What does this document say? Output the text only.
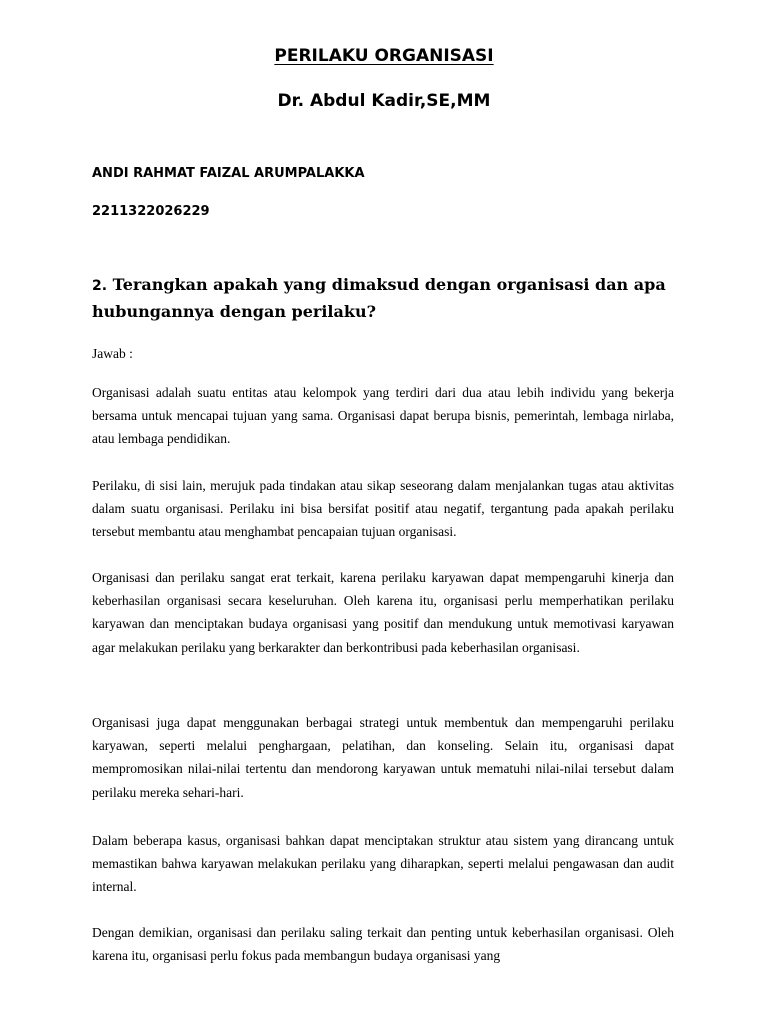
PERILAKU ORGANISASI
Dr. Abdul Kadir,SE,MM

ANDI RAHMAT FAIZAL ARUMPALAKKA

2211322026229

2. Terangkan apakah yang dimaksud dengan organisasi dan apa hubungannya dengan perilaku?

Jawab :

Organisasi adalah suatu entitas atau kelompok yang terdiri dari dua atau lebih individu yang bekerja bersama untuk mencapai tujuan yang sama. Organisasi dapat berupa bisnis, pemerintah, lembaga nirlaba, atau lembaga pendidikan.

Perilaku, di sisi lain, merujuk pada tindakan atau sikap seseorang dalam menjalankan tugas atau aktivitas dalam suatu organisasi. Perilaku ini bisa bersifat positif atau negatif, tergantung pada apakah perilaku tersebut membantu atau menghambat pencapaian tujuan organisasi.

Organisasi dan perilaku sangat erat terkait, karena perilaku karyawan dapat mempengaruhi kinerja dan keberhasilan organisasi secara keseluruhan. Oleh karena itu, organisasi perlu memperhatikan perilaku karyawan dan menciptakan budaya organisasi yang positif dan mendukung untuk memotivasi karyawan agar melakukan perilaku yang berkarakter dan berkontribusi pada keberhasilan organisasi.

Organisasi juga dapat menggunakan berbagai strategi untuk membentuk dan mempengaruhi perilaku karyawan, seperti melalui penghargaan, pelatihan, dan konseling. Selain itu, organisasi dapat mempromosikan nilai-nilai tertentu dan mendorong karyawan untuk mematuhi nilai-nilai tersebut dalam perilaku mereka sehari-hari.

Dalam beberapa kasus, organisasi bahkan dapat menciptakan struktur atau sistem yang dirancang untuk memastikan bahwa karyawan melakukan perilaku yang diharapkan, seperti melalui pengawasan dan audit internal.

Dengan demikian, organisasi dan perilaku saling terkait dan penting untuk keberhasilan organisasi. Oleh karena itu, organisasi perlu fokus pada membangun budaya organisasi yang
